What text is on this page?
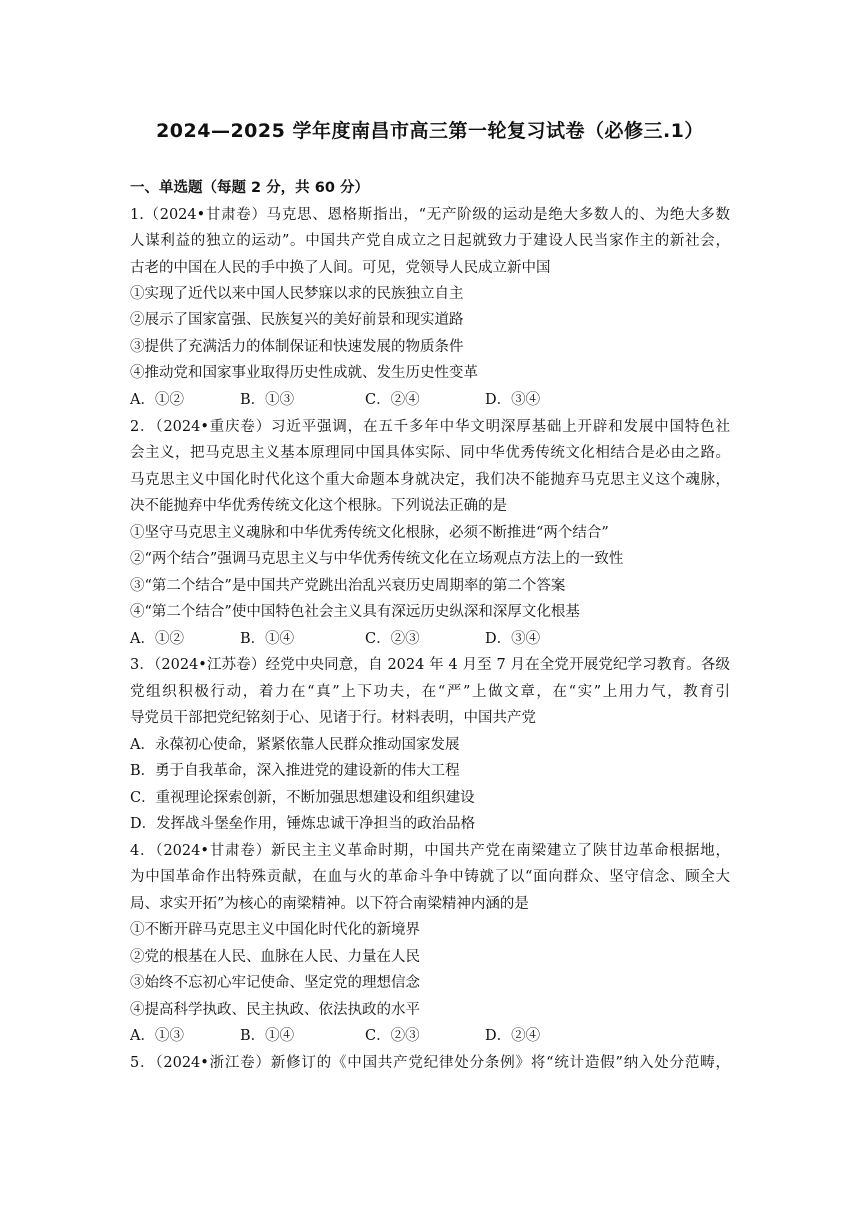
2024—2025 学年度南昌市高三第一轮复习试卷（必修三.1）
一、单选题（每题 2 分，共 60 分）
1.（2024•甘肃卷）马克思、恩格斯指出，“无产阶级的运动是绝大多数人的、为绝大多数
人谋利益的独立的运动”。中国共产党自成立之日起就致力于建设人民当家作主的新社会，
古老的中国在人民的手中换了人间。可见，党领导人民成立新中国
①实现了近代以来中国人民梦寐以求的民族独立自主
②展示了国家富强、民族复兴的美好前景和现实道路
③提供了充满活力的体制保证和快速发展的物质条件
④推动党和国家事业取得历史性成就、发生历史性变革
A．①②	B．①③	C．②④	D．③④
2．（2024•重庆卷）习近平强调，在五千多年中华文明深厚基础上开辟和发展中国特色社
会主义，把马克思主义基本原理同中国具体实际、同中华优秀传统文化相结合是必由之路。
马克思主义中国化时代化这个重大命题本身就决定，我们决不能抛弃马克思主义这个魂脉，
决不能抛弃中华优秀传统文化这个根脉。下列说法正确的是
①坚守马克思主义魂脉和中华优秀传统文化根脉，必须不断推进“两个结合”
②“两个结合”强调马克思主义与中华优秀传统文化在立场观点方法上的一致性
③“第二个结合”是中国共产党跳出治乱兴衰历史周期率的第二个答案
④“第二个结合”使中国特色社会主义具有深远历史纵深和深厚文化根基
A．①②	B．①④	C．②③	D．③④
3．（2024•江苏卷）经党中央同意，自 2024 年 4 月至 7 月在全党开展党纪学习教育。各级
党组织积极行动，着力在“真”上下功夫，在“严”上做文章，在“实”上用力气，教育引
导党员干部把党纪铭刻于心、见诸于行。材料表明，中国共产党
A．永葆初心使命，紧紧依靠人民群众推动国家发展
B．勇于自我革命，深入推进党的建设新的伟大工程
C．重视理论探索创新，不断加强思想建设和组织建设
D．发挥战斗堡垒作用，锤炼忠诚干净担当的政治品格
4．（2024•甘肃卷）新民主主义革命时期，中国共产党在南梁建立了陕甘边革命根据地，
为中国革命作出特殊贡献，在血与火的革命斗争中铸就了以“面向群众、坚守信念、顾全大
局、求实开拓”为核心的南梁精神。以下符合南梁精神内涵的是
①不断开辟马克思主义中国化时代化的新境界
②党的根基在人民、血脉在人民、力量在人民
③始终不忘初心牢记使命、坚定党的理想信念
④提高科学执政、民主执政、依法执政的水平
A．①③	B．①④	C．②③	D．②④
5．（2024•浙江卷）新修订的《中国共产党纪律处分条例》将“统计造假”纳入处分范畴，
